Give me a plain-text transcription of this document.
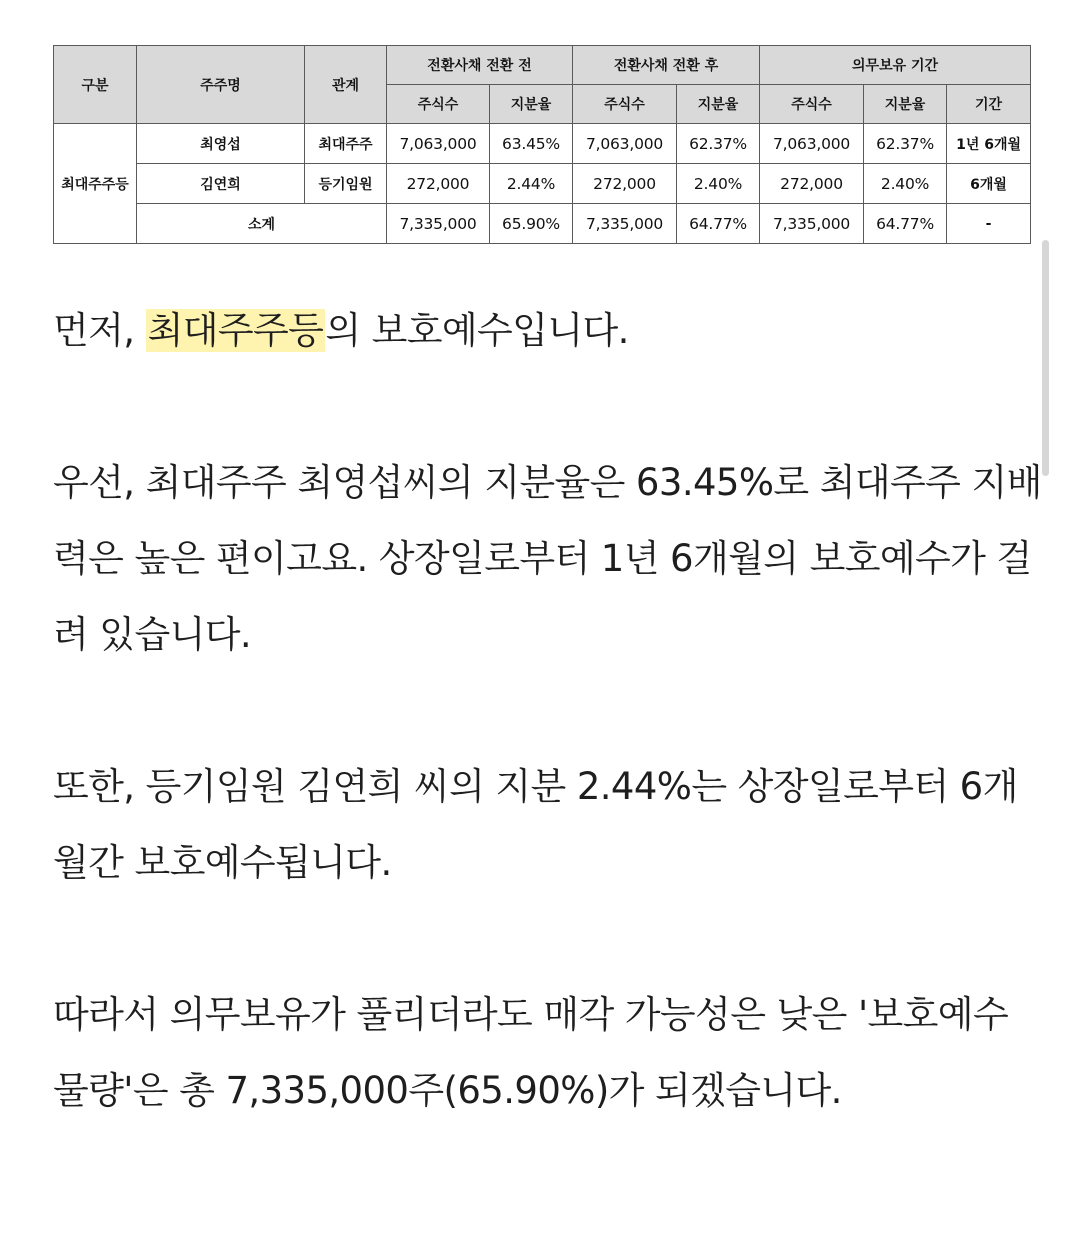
구분	주주명	관계	전환사채 전환 전		전환사채 전환 후		의무보유 기간		
			주식수	지분율	주식수	지분율	주식수	지분율	기간
최대주주등	최영섭	최대주주	7,063,000	63.45%	7,063,000	62.37%	7,063,000	62.37%	1년 6개월
	김연희	등기임원	272,000	2.44%	272,000	2.40%	272,000	2.40%	6개월
	소계		7,335,000	65.90%	7,335,000	64.77%	7,335,000	64.77%	-

먼저, 최대주주등의 보호예수입니다.

우선, 최대주주 최영섭씨의 지분율은 63.45%로 최대주주 지배력은 높은 편이고요. 상장일로부터 1년 6개월의 보호예수가 걸려 있습니다.

또한, 등기임원 김연희 씨의 지분 2.44%는 상장일로부터 6개월간 보호예수됩니다.

따라서 의무보유가 풀리더라도 매각 가능성은 낮은 '보호예수물량'은 총 7,335,000주(65.90%)가 되겠습니다.
